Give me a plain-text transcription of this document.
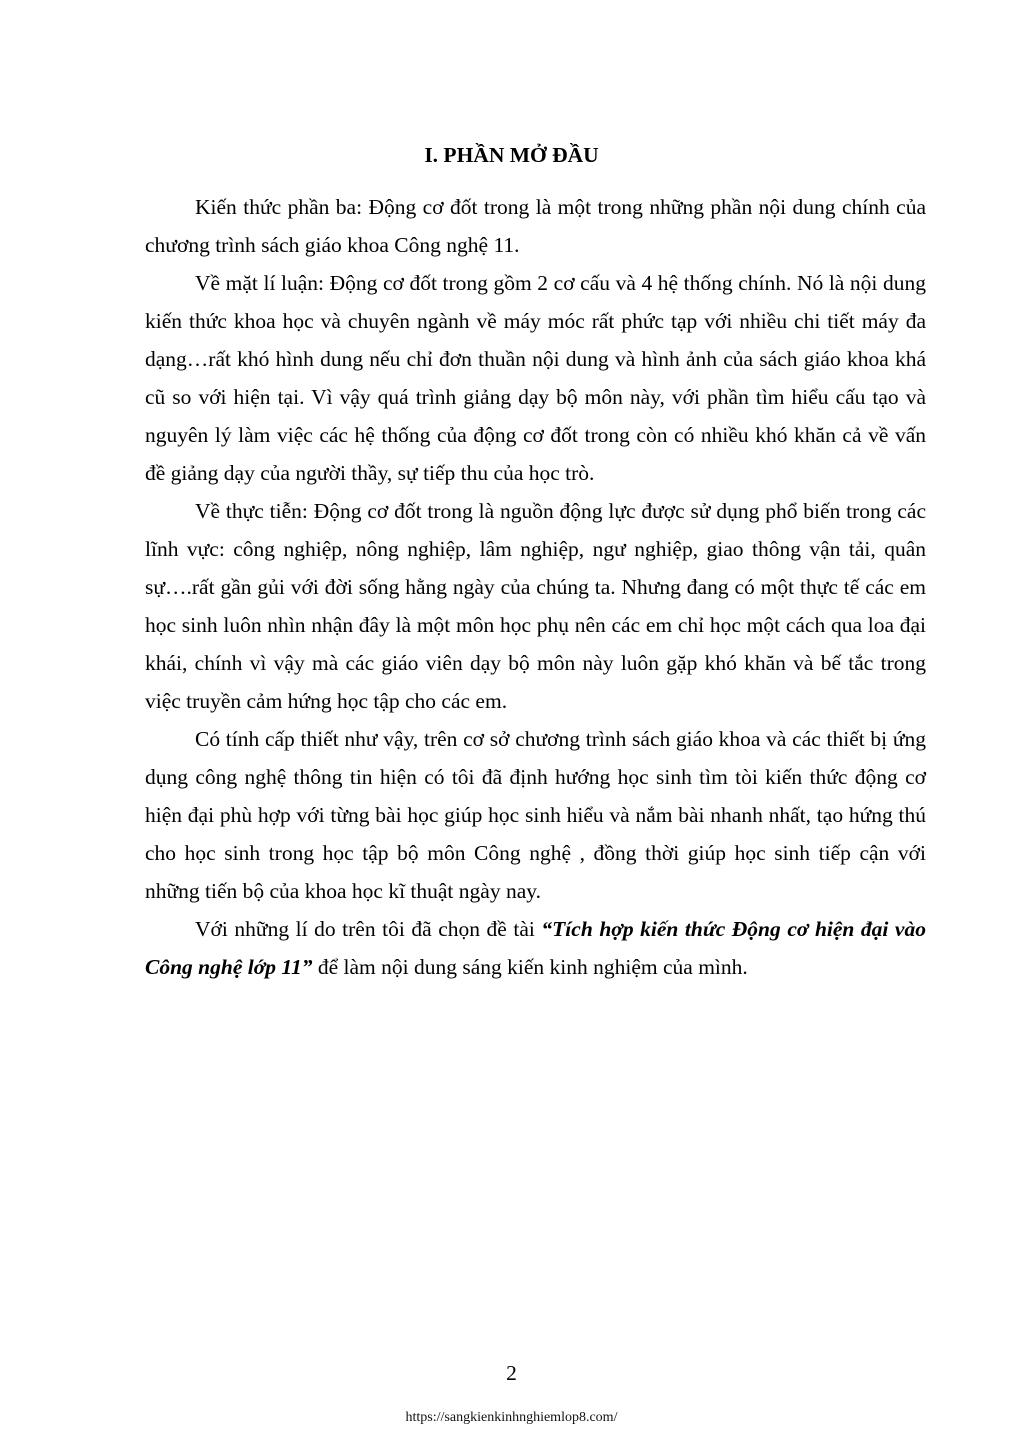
I. PHẦN MỞ ĐẦU

Kiến thức phần ba: Động cơ đốt trong là một trong những phần nội dung chính của chương trình sách giáo khoa Công nghệ 11.

Về mặt lí luận: Động cơ đốt trong gồm 2 cơ cấu và 4 hệ thống chính. Nó là nội dung kiến thức khoa học và chuyên ngành về máy móc rất phức tạp với nhiều chi tiết máy đa dạng…rất khó hình dung nếu chỉ đơn thuần nội dung và hình ảnh của sách giáo khoa khá cũ so với hiện tại. Vì vậy quá trình giảng dạy bộ môn này, với phần tìm hiểu cấu tạo và nguyên lý làm việc các hệ thống của động cơ đốt trong còn có nhiều khó khăn cả về vấn đề giảng dạy của người thầy, sự tiếp thu của học trò.

Về thực tiễn: Động cơ đốt trong là nguồn động lực được sử dụng phổ biến trong các lĩnh vực: công nghiệp, nông nghiệp, lâm nghiệp, ngư nghiệp, giao thông vận tải, quân sự….rất gần gủi với đời sống hằng ngày của chúng ta. Nhưng đang có một thực tế các em học sinh luôn nhìn nhận đây là một môn học phụ nên các em chỉ học một cách qua loa đại khái, chính vì vậy mà các giáo viên dạy bộ môn này luôn gặp khó khăn và bế tắc trong việc truyền cảm hứng học tập cho các em.

Có tính cấp thiết như vậy, trên cơ sở chương trình sách giáo khoa và các thiết bị ứng dụng công nghệ thông tin hiện có tôi đã định hướng học sinh tìm tòi kiến thức động cơ hiện đại phù hợp với từng bài học giúp học sinh hiểu và nắm bài nhanh nhất, tạo hứng thú cho học sinh trong học tập bộ môn Công nghệ , đồng thời giúp học sinh tiếp cận với những tiến bộ của khoa học kĩ thuật ngày nay.

Với những lí do trên tôi đã chọn đề tài “Tích hợp kiến thức Động cơ hiện đại vào Công nghệ lớp 11” để làm nội dung sáng kiến kinh nghiệm của mình.

2
https://sangkienkinhnghiemlop8.com/
